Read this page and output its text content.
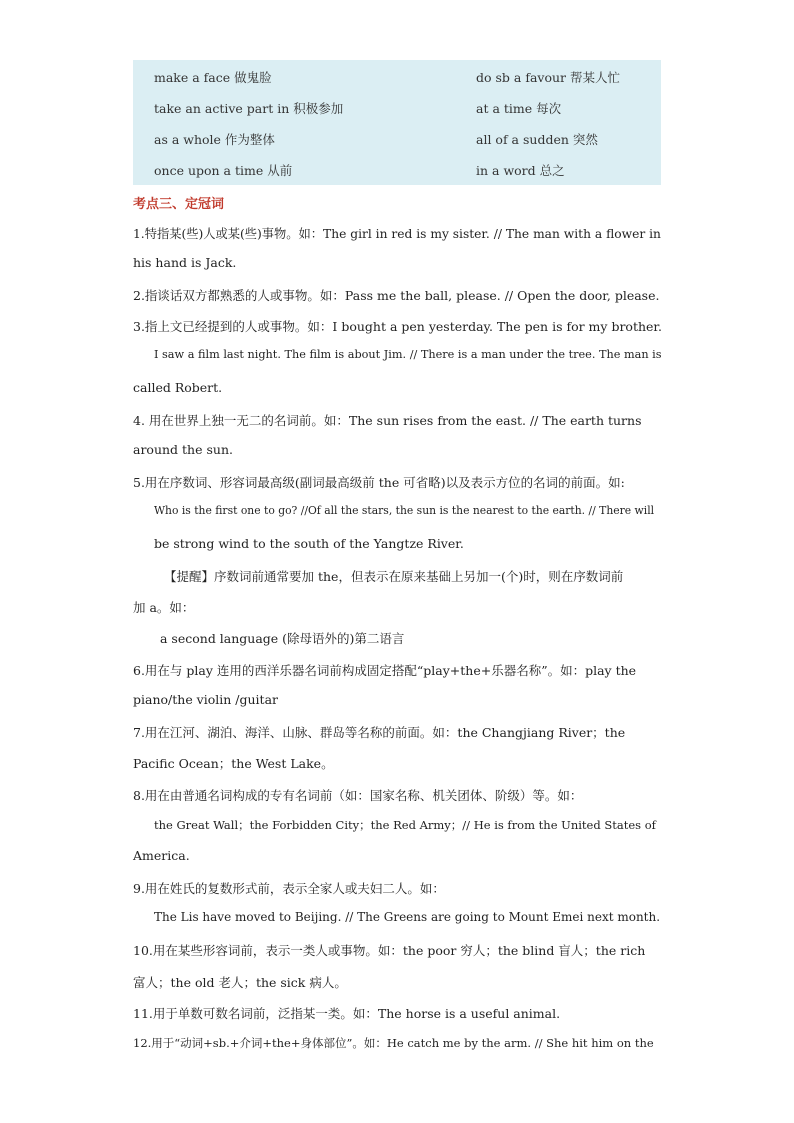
make a face 做鬼脸	do sb a favour 帮某人忙
take an active part in 积极参加	at a time 每次
as a whole 作为整体	all of a sudden 突然
once upon a time 从前	in a word 总之
考点三、定冠词
1.特指某(些)人或某(些)事物。如：The girl in red is my sister. // The man with a flower in
his hand is Jack.
2.指谈话双方都熟悉的人或事物。如：Pass me the ball, please. // Open the door, please.
3.指上文已经提到的人或事物。如：I bought a pen yesterday. The pen is for my brother.
I saw a film last night. The film is about Jim. // There is a man under the tree. The man is
called Robert.
4. 用在世界上独一无二的名词前。如：The sun rises from the east. // The earth turns
around the sun.
5.用在序数词、形容词最高级(副词最高级前 the 可省略)以及表示方位的名词的前面。如:
Who is the first one to go? //Of all the stars, the sun is the nearest to the earth. // There will
be strong wind to the south of the Yangtze River.
【提醒】序数词前通常要加 the，但表示在原来基础上另加一(个)时，则在序数词前
加 a。如：
a second language (除母语外的)第二语言
6.用在与 play 连用的西洋乐器名词前构成固定搭配“play+the+乐器名称”。如：play the
piano/the violin /guitar
7.用在江河、湖泊、海洋、山脉、群岛等名称的前面。如：the Changjiang River；the
Pacific Ocean；the West Lake。
8.用在由普通名词构成的专有名词前（如：国家名称、机关团体、阶级）等。如：
the Great Wall；the Forbidden City；the Red Army；// He is from the United States of
America.
9.用在姓氏的复数形式前，表示全家人或夫妇二人。如：
The Lis have moved to Beijing. // The Greens are going to Mount Emei next month.
10.用在某些形容词前，表示一类人或事物。如：the poor 穷人；the blind 盲人；the rich
富人；the old 老人；the sick 病人。
11.用于单数可数名词前，泛指某一类。如：The horse is a useful animal.
12.用于“动词+sb.+介词+the+身体部位”。如：He catch me by the arm. // She hit him on the
